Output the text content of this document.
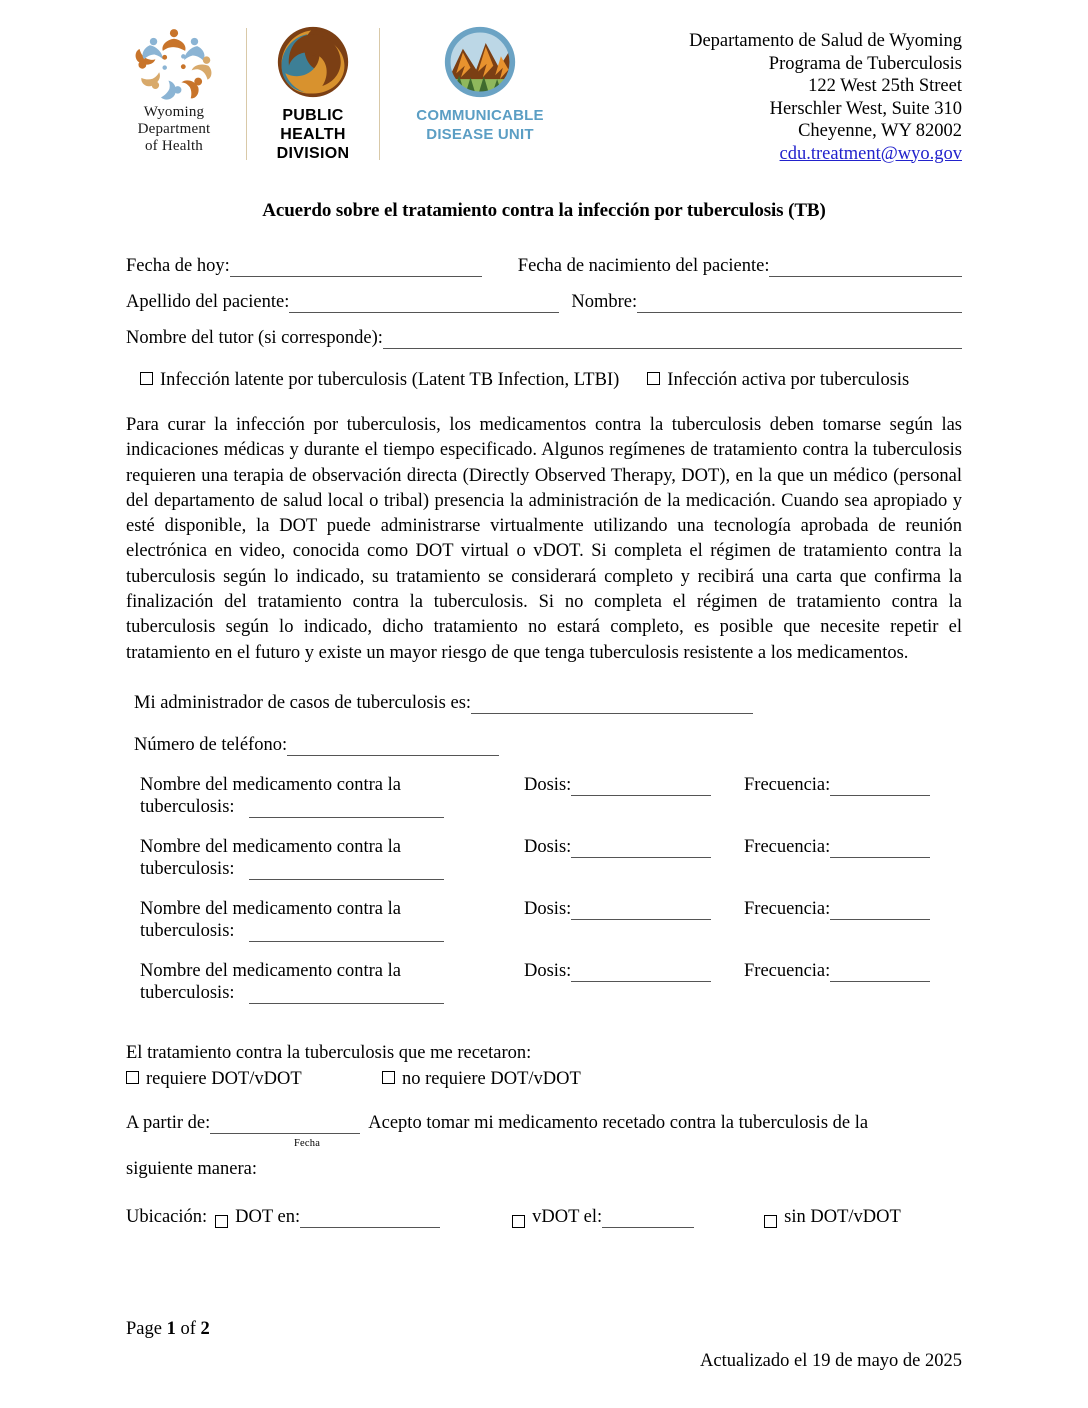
Wyoming
Department
of Health
PUBLIC
HEALTH
DIVISION
COMMUNICABLE
DISEASE UNIT
Departamento de Salud de Wyoming
Programa de Tuberculosis
122 West 25th Street
Herschler West, Suite 310
Cheyenne, WY 82002
cdu.treatment@wyo.gov
Acuerdo sobre el tratamiento contra la infección por tuberculosis (TB)
Fecha de hoy:	Fecha de nacimiento del paciente:
Apellido del paciente:	Nombre:
Nombre del tutor (si corresponde):
Infección latente por tuberculosis (Latent TB Infection, LTBI)	Infección activa por tuberculosis
Para curar la infección por tuberculosis, los medicamentos contra la tuberculosis deben tomarse según las indicaciones médicas y durante el tiempo especificado. Algunos regímenes de tratamiento contra la tuberculosis requieren una terapia de observación directa (Directly Observed Therapy, DOT), en la que un médico (personal del departamento de salud local o tribal) presencia la administración de la medicación. Cuando sea apropiado y esté disponible, la DOT puede administrarse virtualmente utilizando una tecnología aprobada de reunión electrónica en video, conocida como DOT virtual o vDOT. Si completa el régimen de tratamiento contra la tuberculosis según lo indicado, su tratamiento se considerará completo y recibirá una carta que confirma la finalización del tratamiento contra la tuberculosis. Si no completa el régimen de tratamiento contra la tuberculosis según lo indicado, dicho tratamiento no estará completo, es posible que necesite repetir el tratamiento en el futuro y existe un mayor riesgo de que tenga tuberculosis resistente a los medicamentos.
Mi administrador de casos de tuberculosis es:
Número de teléfono:
Nombre del medicamento contra la
tuberculosis:
Dosis:	Frecuencia:
Nombre del medicamento contra la
tuberculosis:
Dosis:	Frecuencia:
Nombre del medicamento contra la
tuberculosis:
Dosis:	Frecuencia:
Nombre del medicamento contra la
tuberculosis:
Dosis:	Frecuencia:
El tratamiento contra la tuberculosis que me recetaron:
requiere DOT/vDOT	no requiere DOT/vDOT
A partir de:	Acepto tomar mi medicamento recetado contra la tuberculosis de la
Fecha
siguiente manera:
Ubicación: DOT en:	vDOT el:	sin DOT/vDOT
Page 1 of 2
Actualizado el 19 de mayo de 2025
